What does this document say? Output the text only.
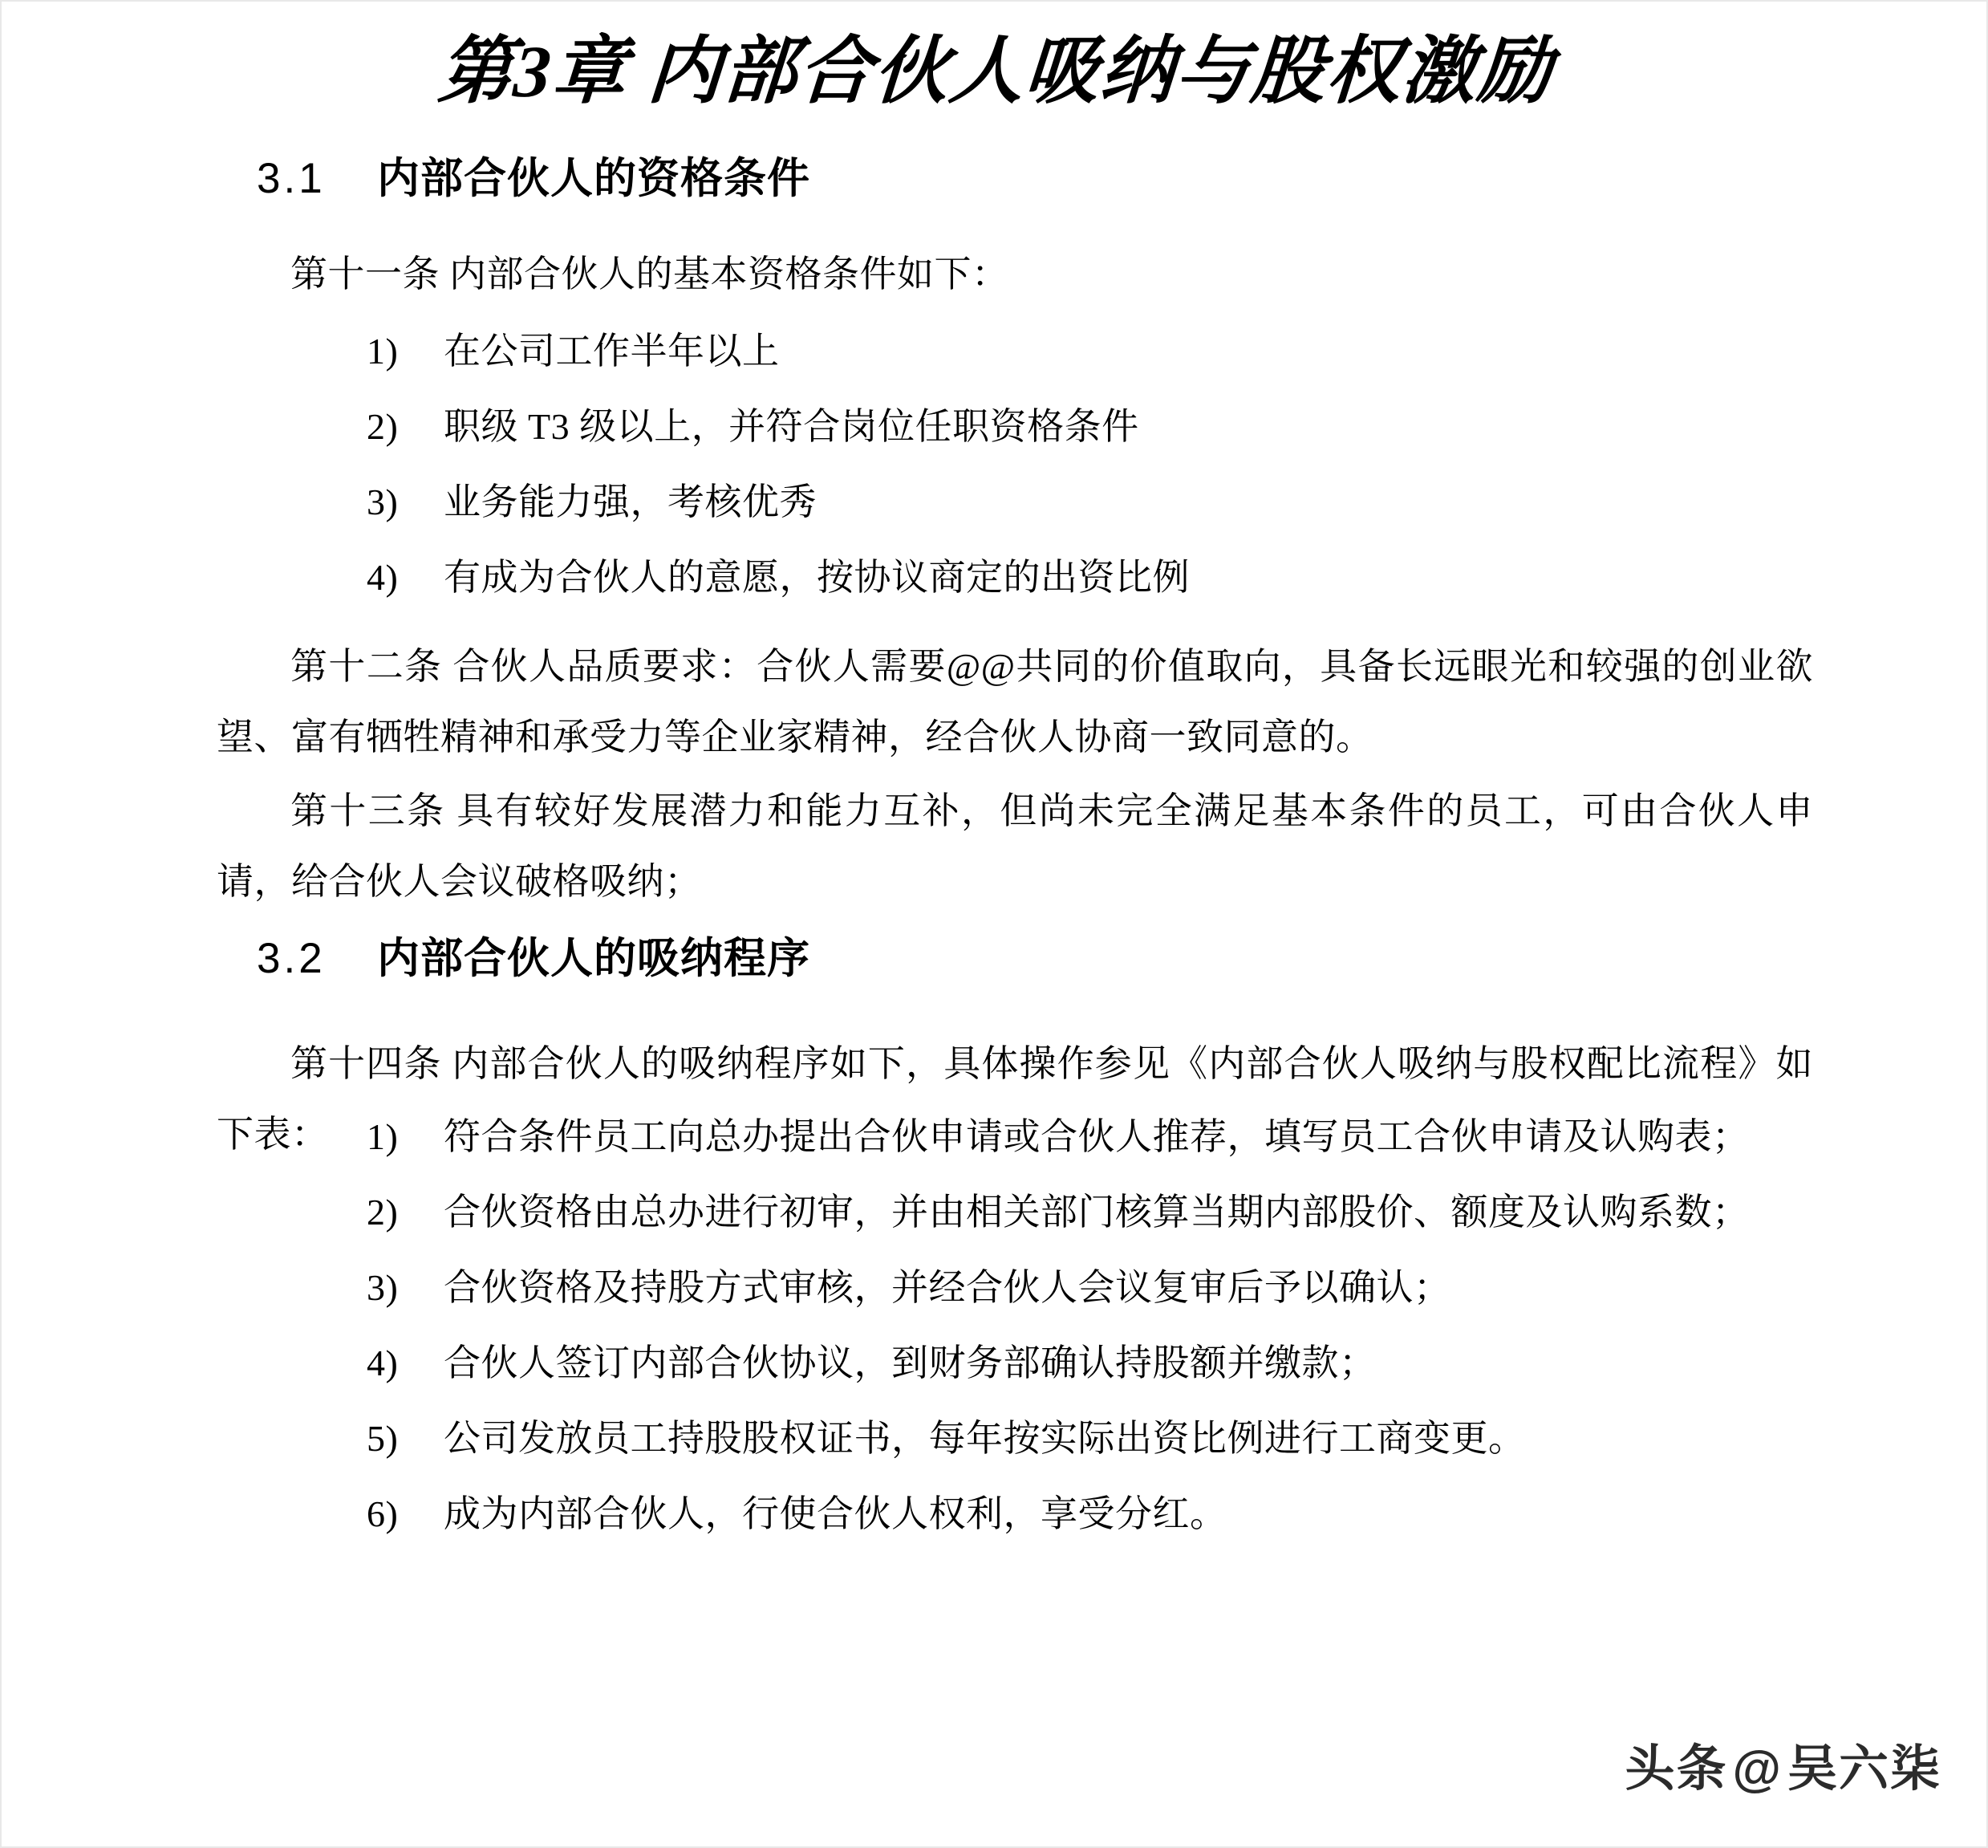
第3章 内部合伙人吸纳与股权激励
3.1 内部合伙人的资格条件
第十一条 内部合伙人的基本资格条件如下：
1) 在公司工作半年以上
2) 职级 T3 级以上，并符合岗位任职资格条件
3) 业务能力强，考核优秀
4) 有成为合伙人的意愿，按协议商定的出资比例
第十二条 合伙人品质要求：合伙人需要@@共同的价值取向，具备长远眼光和较强的创业欲望、富有牺牲精神和承受力等企业家精神，经合伙人协商一致同意的。
第十三条 具有较好发展潜力和能力互补，但尚未完全满足基本条件的员工，可由合伙人申请，给合伙人会议破格吸纳；
3.2 内部合伙人的吸纳程序
第十四条 内部合伙人的吸纳程序如下，具体操作参见《内部合伙人吸纳与股权配比流程》如下表：	1) 符合条件员工向总办提出合伙申请或合伙人推荐，填写员工合伙申请及认购表；
2) 合伙资格由总办进行初审，并由相关部门核算当期内部股价、额度及认购系数；
3) 合伙资格及持股方式审核，并经合伙人会议复审后予以确认；
4) 合伙人签订内部合伙协议，到财务部确认持股额并缴款；
5) 公司发放员工持股股权证书，每年按实际出资比例进行工商变更。
6) 成为内部合伙人，行使合伙人权利，享受分红。
头条@吴六柒
